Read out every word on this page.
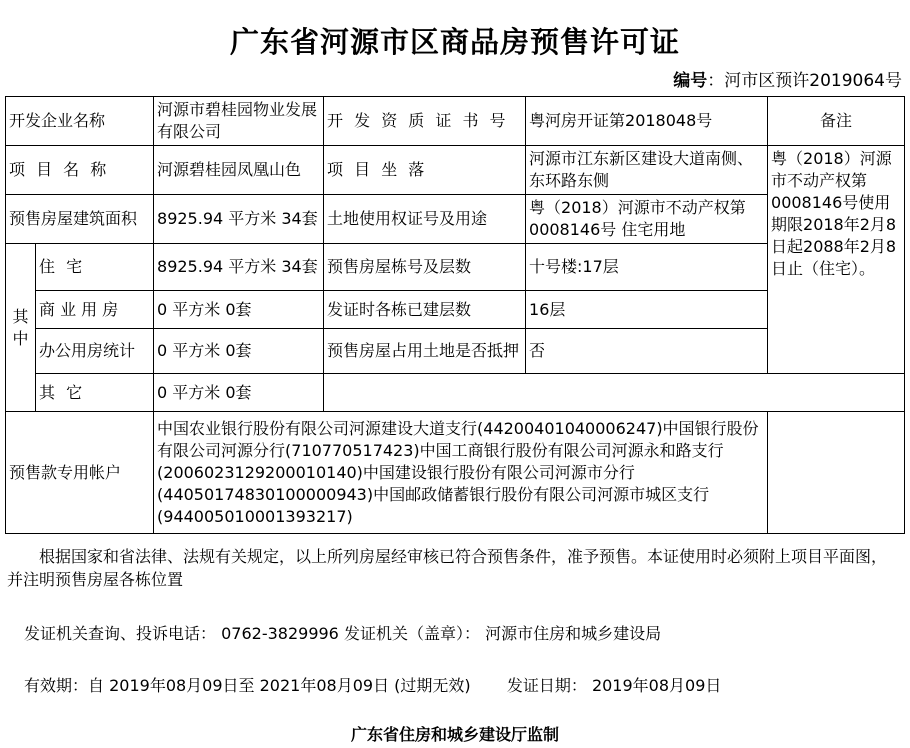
广东省河源市区商品房预售许可证
编号：河市区预许2019064号
开发企业名称		河源市碧桂园物业发展有限公司	开 发 资 质 证 书 号	粤河房开证第2018048号	备注	
项 目 名 称		河源碧桂园凤凰山色	项 目 坐 落	河源市江东新区建设大道南侧、东环路东侧	粤（2018）河源市不动产权第0008146号使用期限2018年2月8日起2088年2月8日止（住宅）。	
预售房屋建筑面积		8925.94 平方米 34套	土地使用权证号及用途	粤（2018）河源市不动产权第0008146号 住宅用地		
其 中	住 宅	8925.94 平方米 34套	预售房屋栋号及层数	十号楼:17层		
	商 业 用 房	0 平方米 0套	发证时各栋已建层数	16层		
	办公用房统计	0 平方米 0套	预售房屋占用土地是否抵押	否		
	其 它	0 平方米 0套				
预售款专用帐户		中国农业银行股份有限公司河源建设大道支行(44200401040006247)中国银行股份有限公司河源分行(710770517423)中国工商银行股份有限公司河源永和路支行(2006023129200010140)中国建设银行股份有限公司河源市分行(44050174830100000943)中国邮政储蓄银行股份有限公司河源市城区支行(944005010001393217)				
根据国家和省法律、法规有关规定，以上所列房屋经审核已符合预售条件，准予预售。本证使用时必须附上项目平面图，并注明预售房屋各栋位置
发证机关查询、投诉电话： 0762-3829996 发证机关（盖章）： 河源市住房和城乡建设局
有效期：自 2019年08月09日至 2021年08月09日 (过期无效) 发证日期： 2019年08月09日
广东省住房和城乡建设厅监制
